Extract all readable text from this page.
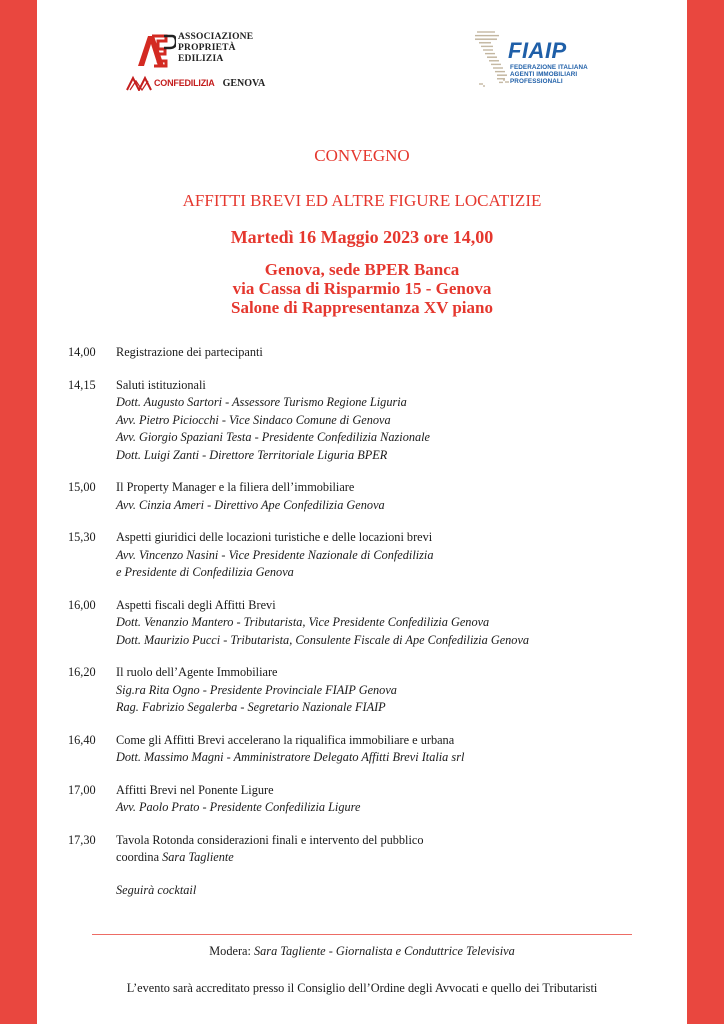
ASSOCIAZIONE
PROPRIETÀ
EDILIZIA
CONFEDILIZIA GENOVA
FIAIP
FEDERAZIONE ITALIANA
AGENTI IMMOBILIARI
PROFESSIONALI
CONVEGNO
AFFITTI BREVI ED ALTRE FIGURE LOCATIZIE
Martedì 16 Maggio 2023 ore 14,00
Genova, sede BPER Banca
via Cassa di Risparmio 15 - Genova
Salone di Rappresentanza XV piano
14,00	Registrazione dei partecipanti
14,15	Saluti istituzionali
Dott. Augusto Sartori - Assessore Turismo Regione Liguria
Avv. Pietro Piciocchi - Vice Sindaco Comune di Genova
Avv. Giorgio Spaziani Testa - Presidente Confedilizia Nazionale
Dott. Luigi Zanti - Direttore Territoriale Liguria BPER
15,00	Il Property Manager e la filiera dell’immobiliare
Avv. Cinzia Ameri - Direttivo Ape Confedilizia Genova
15,30	Aspetti giuridici delle locazioni turistiche e delle locazioni brevi
Avv. Vincenzo Nasini - Vice Presidente Nazionale di Confedilizia
e Presidente di Confedilizia Genova
16,00	Aspetti fiscali degli Affitti Brevi
Dott. Venanzio Mantero - Tributarista, Vice Presidente Confedilizia Genova
Dott. Maurizio Pucci - Tributarista, Consulente Fiscale di Ape Confedilizia Genova
16,20	Il ruolo dell’Agente Immobiliare
Sig.ra Rita Ogno - Presidente Provinciale FIAIP Genova
Rag. Fabrizio Segalerba - Segretario Nazionale FIAIP
16,40	Come gli Affitti Brevi accelerano la riqualifica immobiliare e urbana
Dott. Massimo Magni - Amministratore Delegato Affitti Brevi Italia srl
17,00	Affitti Brevi nel Ponente Ligure
Avv. Paolo Prato - Presidente Confedilizia Ligure
17,30	Tavola Rotonda considerazioni finali e intervento del pubblico
coordina Sara Tagliente
Seguirà cocktail
Modera: Sara Tagliente - Giornalista e Conduttrice Televisiva
L’evento sarà accreditato presso il Consiglio dell’Ordine degli Avvocati e quello dei Tributaristi
